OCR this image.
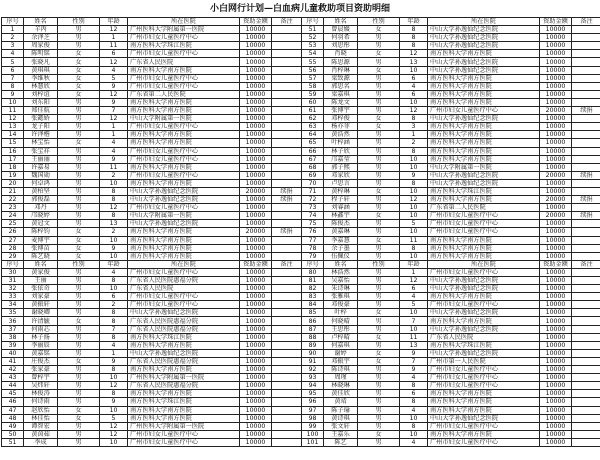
小白网行计划—白血病儿童救助项目资助明细
序号	姓名	性别	年龄	所在医院	资助金额	备注	序号	姓名	性别	年龄	所在医院	资助金额	备注
1	羊丙	男	12	广州医科大学附属第一医院	10000		51	曾晨媛	女	8	中山大学孙逸仙纪念医院	10000	
2	余泽芝	男	1	广州市妇女儿童医疗中心	10000		52	何羽希	男	8	中山大学孙逸仙纪念医院	10000	
3	周家俊	男	11	南方医科大学珠江医院	10000		53	刘思彤	男	8	中山大学孙逸仙纪念医院	10000	
4	陈明铭	女	6	广州市妇女儿童医疗中心	10000		54	肖晓	女	12	南方医科大学南方医院	10000	
5	张晓凡	女	12	广东省人民医院	10000		55	陈思源	男	13	中山大学孙逸仙纪念医院	10000	
6	黄琪琪	女	4	南方医科大学南方医院	10000		56	肖梓琳	女	10	中山大学孙逸仙纪念医院	10000	
7	李维秋	女	5	广州市妇女儿童医疗中心	10000		57	梁致源	男	6	南方医科大学南方医院	10000	
8	林慧欣	女	9	广州市妇女儿童医疗中心	10000		58	郭思名	男	4	南方医科大学南方医院	10000	
9	刘梓谊	女	12	广东省第二人民医院	10000		59	梁嘉琪	男	6	南方医科大学南方医院	10000	
10	刘东阳	男	9	南方医科大学南方医院	10000		60	陈龙文	男	10	南方医科大学南方医院	10000	
11	郑佳航	男	7	南方医科大学南方医院	10000		61	张博宇	男	12	广州市妇女儿童医疗中心	20000	续捐
12	张懿娇	男	12	中山大学附属第一医院	10000		62	邓梓俊	女	8	中山大学孙逸仙纪念医院	10000	
13	龙子阳	男	1	广州市妇女儿童医疗中心	10000		63	杨亦菲	女	3	南方医科大学南方医院	10000	
14	许泽楷	男	1	南方医科大学南方医院	10000		64	黄浩然	男	1	南方医科大学南方医院	10000	
15	林宝怡	女	4	南方医科大学南方医院	10000		65	叶梓涵	男	2	南方医科大学南方医院	10000	
16	张宝祥	男	4	广州市妇女儿童医疗中心	10000		66	林子欣	男	8	南方医科大学南方医院	10000	
17	王丽丽	男	9	广州市妇女儿童医疗中心	10000		67	邝嘉莹	男	10	南方医科大学南方医院	10000	
18	许嘉易	男	11	南方医科大学南方医院	10000		68	郭子熙	男	10	中山大学附属第一医院	10000	
19	魏国勋	男	2	广州市妇女儿童医疗中心	10000		69	邓家欣	男	9	中山大学孙逸仙纪念医院	20000	续捐
20	何卓鸿	男	10	南方医科大学南方医院	10000		70	卢思言	男	8	中山大学孙逸仙纪念医院	10000	
21	黄柏坚	男	8	中山大学孙逸仙纪念医院	20000	续捐	71	黄梓琳	女	10	南方医科大学珠江医院	10000	
22	郭俊磊	男	8	中山大学孙逸仙纪念医院	10000	续捐	72	程子轩	男	12	南方医科大学南方医院	20000	续捐
23	邓丹	男	12	广州市妇女儿童医疗中心	10000		73	刘睿涵	男	10	广东省第二人民医院	10000	
24	邝晓婷	男	8	中山大学附属第一医院	10000		74	林鑫宇	女	10	广州市妇女儿童医疗中心	20000	续捐
25	黄冠文	男	13	中山大学孙逸仙纪念医院	10000		75	陈俊杰	男	5	广州市妇女儿童医疗中心	10000	
26	陈梓钧	女	2	南方医科大学南方医院	20000	续捐	76	黄嘉琳	男	10	广州市妇女儿童医疗中心	10000	
27	麦博宇	女	10	南方医科大学南方医院	10000		77	李嘉慧	女	11	南方医科大学南方医院	10000	
28	张博苗	女	9	南方医科大学南方医院	10000		78	余子墨	男	8	南方医科大学南方医院	10000	
29	陈艺晓	女	10	南方医科大学南方医院	10000		79	伍佩仪	男	10	南方医科大学南方医院	10000	
序号	姓名	性别	年龄	所在医院	资助金额	备注	序号	姓名	性别	年龄	所在医院	资助金额	备注
30	黄家俊	男	4	广州市妇女儿童医疗中心	10000		80	林浩然	男	1	广州市妇女儿童医疗中心	10000	
31	王丽	男	8	广东省人民医院惠福分院	10000		81	吴嘉怡	男	12	中山大学孙逸仙纪念医院	10000	
32	张依奇	男	10	广东省人民医院	10000		82	朱诗琳	男	6	中山大学孙逸仙纪念医院	10000	
33	刘家豪	男	6	广州市妇女儿童医疗中心	10000		83	张雅琪	男	4	南方医科大学南方医院	10000	
34	黄振轩	男	2	广州市妇女儿童医疗中心	10000		84	邓俊豪	男	5	广州市妇女儿童医疗中心	10000	
35	谢晓卿	男	8	中山大学孙逸仙纪念医院	10000		85	叶梓	女	10	中山大学孙逸仙纪念医院	10000	
36	许清毓	女	8	广东省人民医院惠福分院	10000		86	何晓晴	男	7	南方医科大学南方医院	10000	
37	何雨芯	男	7	广东省人民医院惠福分院	10000		87	王思彤	男	10	中山大学孙逸仙纪念医院	10000	
38	林子扬	男	8	南方医科大学珠江医院	10000		88	卢梓晴	女	11	广东省人民医院	10000	
39	李丽辰	男	4	南方医科大学南方医院	10000		89	何嘉琪	男	13	南方医科大学珠江医院	10000	
40	黄嘉铭	男	1	中山大学孙逸仙纪念医院	10000		90	谢婷	女	9	中山大学孙逸仙纪念医院	10000	
41	庄俊杰	女	9	广东省人民医院惠福分院	10000		91	邓振宇	女	7	广州市第一人民医院	10000	
42	张家豪	男	8	南方医科大学南方医院	10000		92	陈诗琪	男	9	广州市妇女儿童医疗中心	10000	
43	曾梓宇	男	10	广州医科大学附属第一医院	10000		93	周瑾	男	4	广州市妇女儿童医疗中心	10000	
44	吴炜轩	男	12	广东省人民医院惠福分院	10000		94	林晓琳	男	8	广州市妇女儿童医疗中心	10000	
45	林俊涛	男	8	南方医科大学南方医院	10000		95	黄佳欣	男	6	南方医科大学南方医院	10000	
46	何诗雨	男	9	南方医科大学珠江医院	10000		96	黄靖	男	8	南方医科大学南方医院	10000	
47	赵欣怡	女	10	南方医科大学南方医院	10000		97	陈子瑜	男	4	南方医科大学南方医院	10000	
48	林佳怡	女	5	南方医科大学南方医院	10000		98	黄诗琪	男	10	中山大学孙逸仙纪念医院	10000	
49	谭智宏	男	12	广州医科大学附属第一医院	10000		99	张文轩	男	8	广州市妇女儿童医疗中心	10000	
50	黄茵茹	男	12	广州市妇女儿童医疗中心	10000		100	王嘉乐	女	10	南方医科大学南方医院	10000	
51	李成	男	10	广州市妇女儿童医疗中心	10000		101	陈艺	男	4	广州市妇女儿童医疗中心	10000	
